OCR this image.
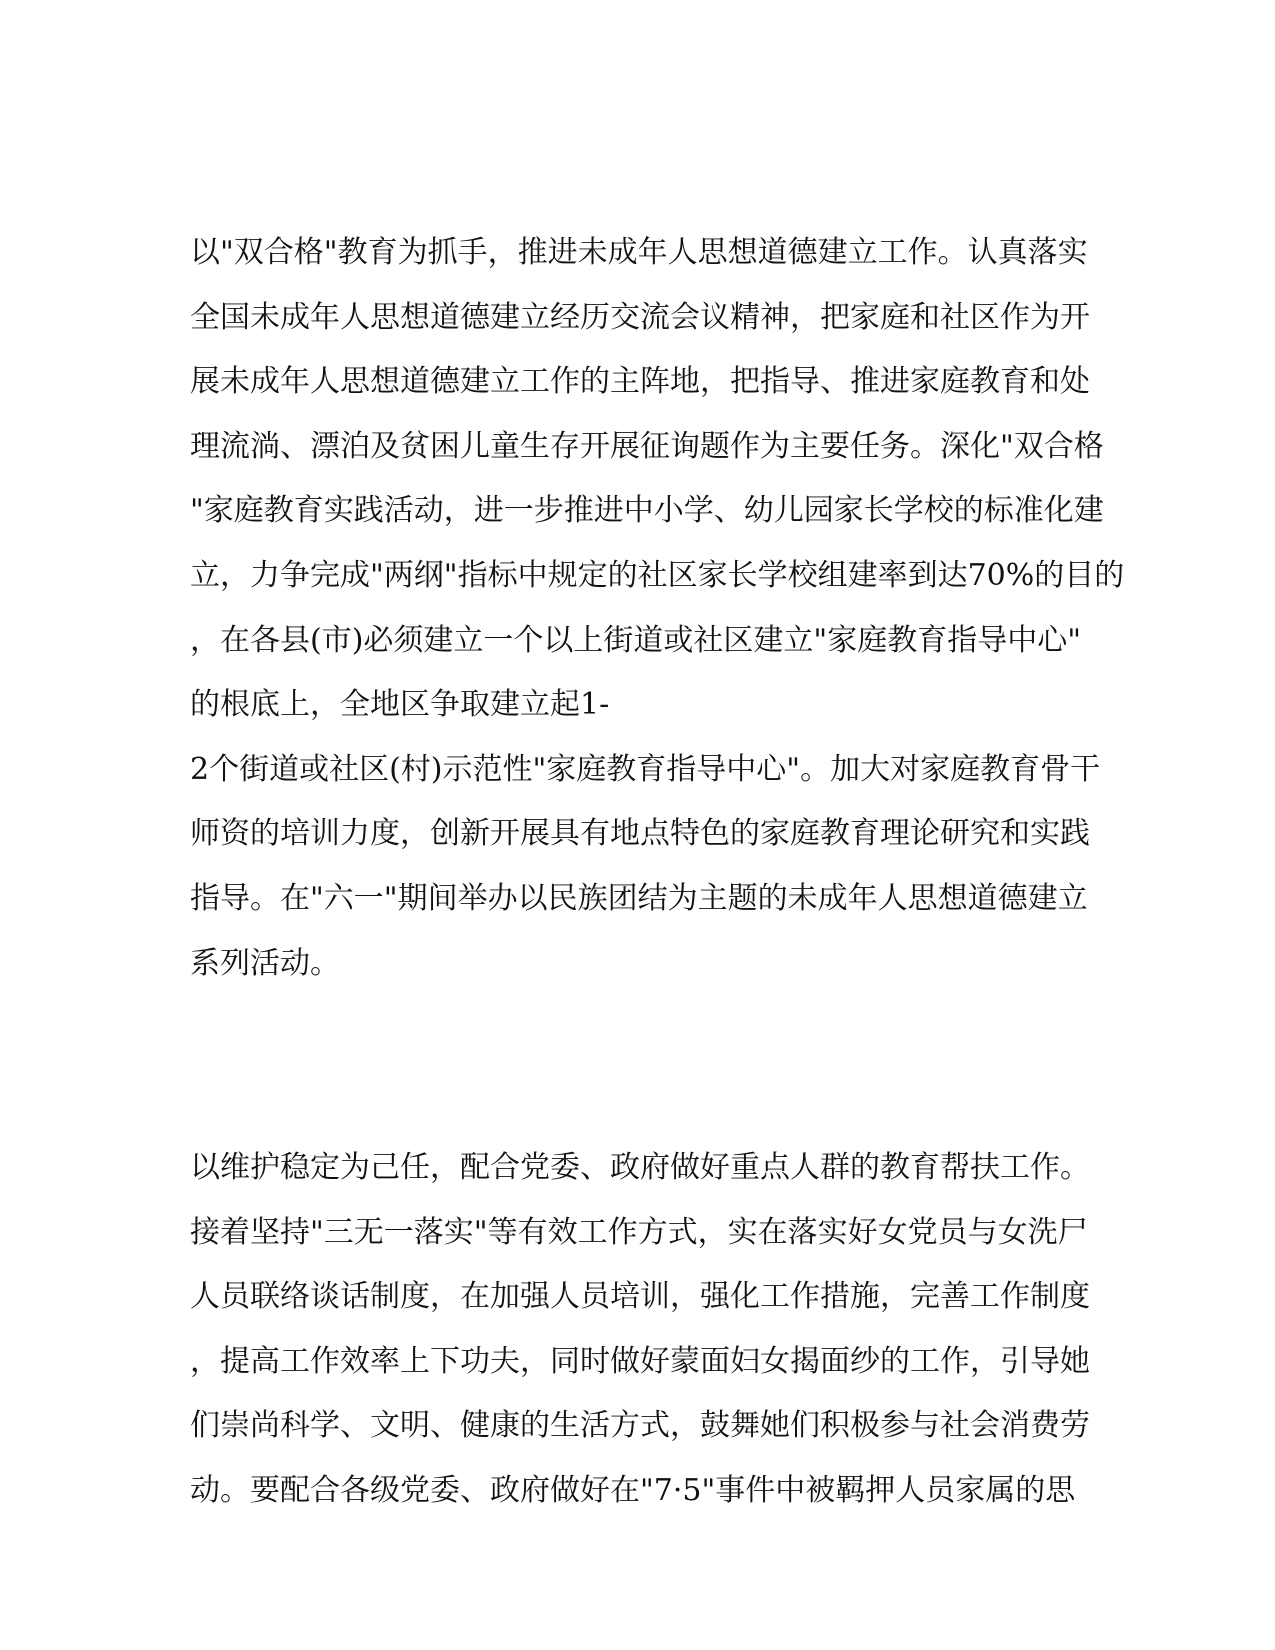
以"双合格"教育为抓手，推进未成年人思想道德建立工作。认真落实
全国未成年人思想道德建立经历交流会议精神，把家庭和社区作为开
展未成年人思想道德建立工作的主阵地，把指导、推进家庭教育和处
理流淌、漂泊及贫困儿童生存开展征询题作为主要任务。深化"双合格
"家庭教育实践活动，进一步推进中小学、幼儿园家长学校的标准化建
立，力争完成"两纲"指标中规定的社区家长学校组建率到达70%的目的
，在各县(市)必须建立一个以上街道或社区建立"家庭教育指导中心"
的根底上，全地区争取建立起1-
2个街道或社区(村)示范性"家庭教育指导中心"。加大对家庭教育骨干
师资的培训力度，创新开展具有地点特色的家庭教育理论研究和实践
指导。在"六一"期间举办以民族团结为主题的未成年人思想道德建立
系列活动。
以维护稳定为己任，配合党委、政府做好重点人群的教育帮扶工作。
接着坚持"三无一落实"等有效工作方式，实在落实好女党员与女洗尸
人员联络谈话制度，在加强人员培训，强化工作措施，完善工作制度
，提高工作效率上下功夫，同时做好蒙面妇女揭面纱的工作，引导她
们崇尚科学、文明、健康的生活方式，鼓舞她们积极参与社会消费劳
动。要配合各级党委、政府做好在"7·5"事件中被羁押人员家属的思
